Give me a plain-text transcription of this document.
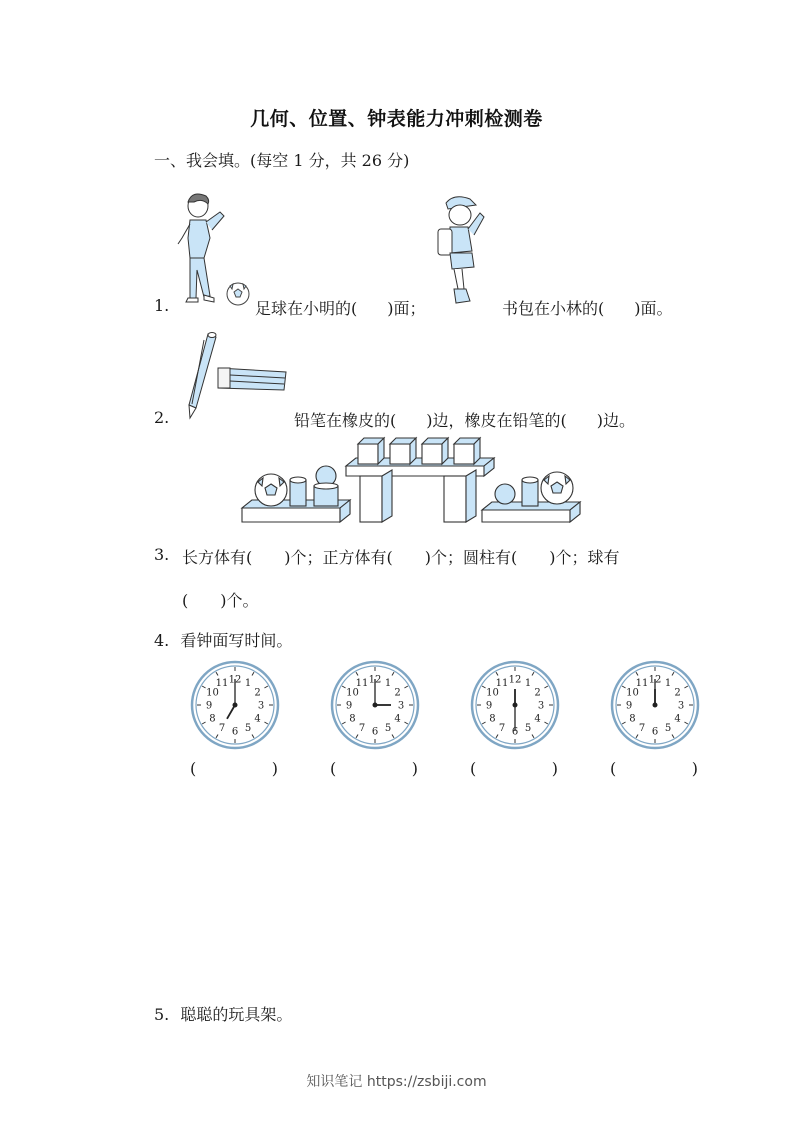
几何、位置、钟表能力冲刺检测卷
一、我会填。(每空 1 分，共 26 分)
1.	足球在小明的( )面；	书包在小林的( )面。
2.	铅笔在橡皮的( )边，橡皮在铅笔的( )边。
3. 长方体有( )个；正方体有( )个；圆柱有( )个；球有
( )个。
4. 看钟面写时间。
12 1
2
3
4
5
6
7
8
9
10
11
(	)
12 1
2
3
4
5
6
7
8
9
10
11
(	)
12 1
2
3
4
5
6
7
8
9
10
11
(	)
12 1
2
3
4
5
6
7
8
9
10
11
(	)
5. 聪聪的玩具架。
知识笔记 https://zsbiji.com
